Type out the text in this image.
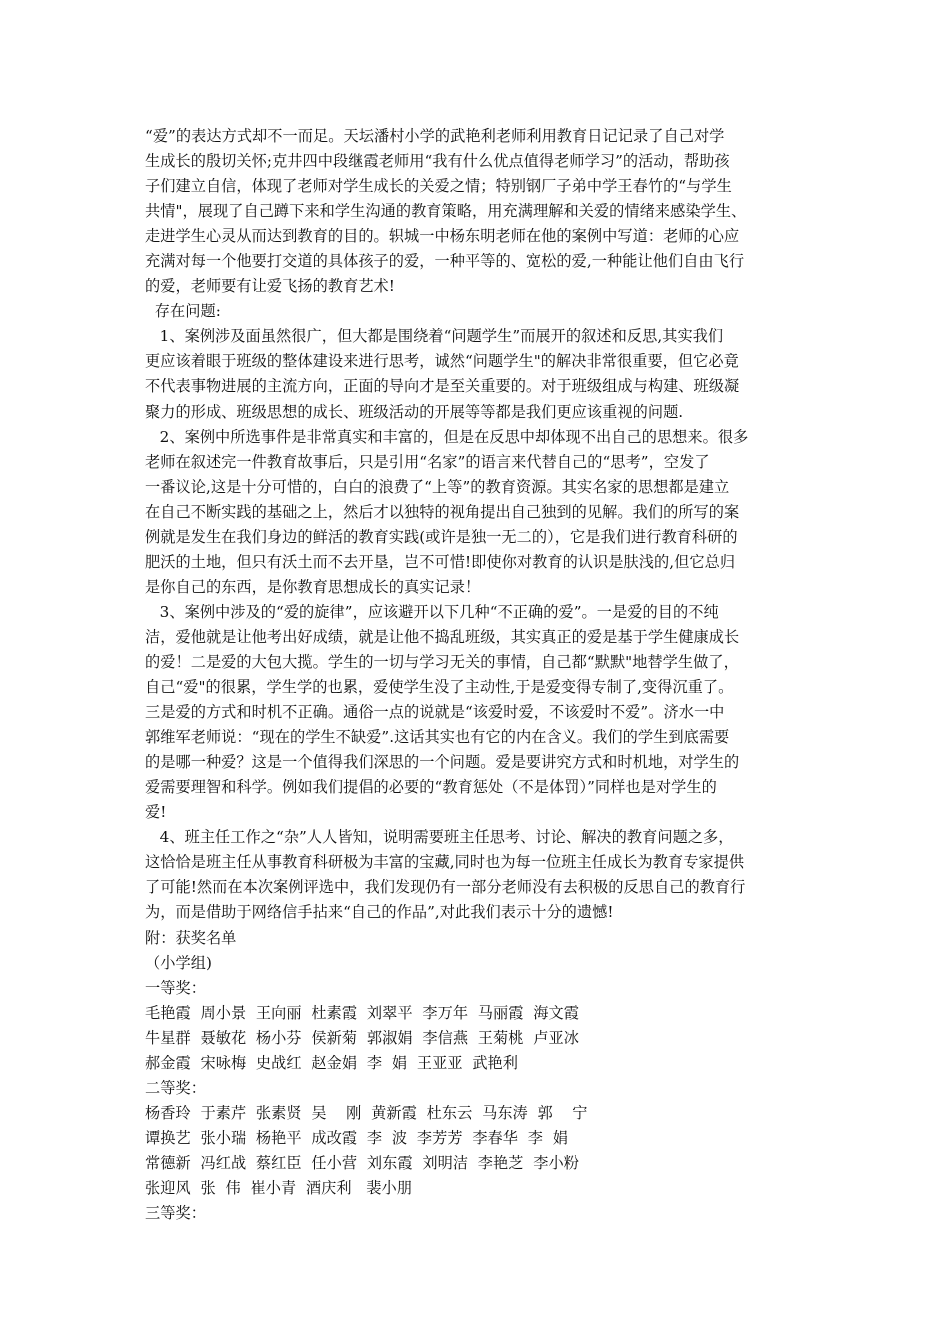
“爱”的表达方式却不一而足。天坛潘村小学的武艳利老师利用教育日记记录了自己对学
生成长的殷切关怀;克井四中段继霞老师用“我有什么优点值得老师学习”的活动，帮助孩
子们建立自信，体现了老师对学生成长的关爱之情；特别钢厂子弟中学王春竹的“与学生
共情"，展现了自己蹲下来和学生沟通的教育策略，用充满理解和关爱的情绪来感染学生、
走进学生心灵从而达到教育的目的。轵城一中杨东明老师在他的案例中写道：老师的心应
充满对每一个他要打交道的具体孩子的爱，一种平等的、宽松的爱,一种能让他们自由飞行
的爱，老师要有让爱飞扬的教育艺术!
存在问题:
1、案例涉及面虽然很广，但大都是围绕着“问题学生”而展开的叙述和反思,其实我们
更应该着眼于班级的整体建设来进行思考，诚然“问题学生"的解决非常很重要，但它必竟
不代表事物进展的主流方向，正面的导向才是至关重要的。对于班级组成与构建、班级凝
聚力的形成、班级思想的成长、班级活动的开展等等都是我们更应该重视的问题.
2、案例中所选事件是非常真实和丰富的，但是在反思中却体现不出自己的思想来。很多
老师在叙述完一件教育故事后，只是引用“名家”的语言来代替自己的“思考”，空发了
一番议论,这是十分可惜的，白白的浪费了“上等”的教育资源。其实名家的思想都是建立
在自己不断实践的基础之上，然后才以独特的视角提出自己独到的见解。我们的所写的案
例就是发生在我们身边的鲜活的教育实践(或许是独一无二的），它是我们进行教育科研的
肥沃的土地，但只有沃土而不去开垦，岂不可惜!即使你对教育的认识是肤浅的,但它总归
是你自己的东西，是你教育思想成长的真实记录！
3、案例中涉及的“爱的旋律”，应该避开以下几种“不正确的爱”。一是爱的目的不纯
洁，爱他就是让他考出好成绩，就是让他不捣乱班级，其实真正的爱是基于学生健康成长
的爱！二是爱的大包大揽。学生的一切与学习无关的事情，自己都“默默"地替学生做了，
自己“爱"的很累，学生学的也累，爱使学生没了主动性,于是爱变得专制了,变得沉重了。
三是爱的方式和时机不正确。通俗一点的说就是“该爱时爱，不该爱时不爱”。济水一中
郭维军老师说：“现在的学生不缺爱”.这话其实也有它的内在含义。我们的学生到底需要
的是哪一种爱？这是一个值得我们深思的一个问题。爱是要讲究方式和时机地，对学生的
爱需要理智和科学。例如我们提倡的必要的“教育惩处（不是体罚）”同样也是对学生的
爱!
4、班主任工作之“杂”人人皆知，说明需要班主任思考、讨论、解决的教育问题之多，
这恰恰是班主任从事教育科研极为丰富的宝藏,同时也为每一位班主任成长为教育专家提供
了可能!然而在本次案例评选中，我们发现仍有一部分老师没有去积极的反思自己的教育行
为，而是借助于网络信手拈来“自己的作品”,对此我们表示十分的遗憾!
附：获奖名单
（小学组)
一等奖：
毛艳霞  周小景  王向丽  杜素霞  刘翠平  李万年  马丽霞  海文霞
牛星群  聂敏花  杨小芬  侯新菊  郭淑娟  李信燕  王菊桃  卢亚冰
郝金霞  宋咏梅  史战红  赵金娟  李  娟  王亚亚  武艳利
二等奖：
杨香玲  于素芹  张素贤  吴    刚  黄新霞  杜东云  马东涛  郭    宁
谭换艺  张小瑞  杨艳平  成改霞  李  波  李芳芳  李春华  李  娟
常德新  冯红战  蔡红臣  任小营  刘东霞  刘明洁  李艳芝  李小粉
张迎风  张  伟  崔小青  酒庆利   裴小朋
三等奖：
